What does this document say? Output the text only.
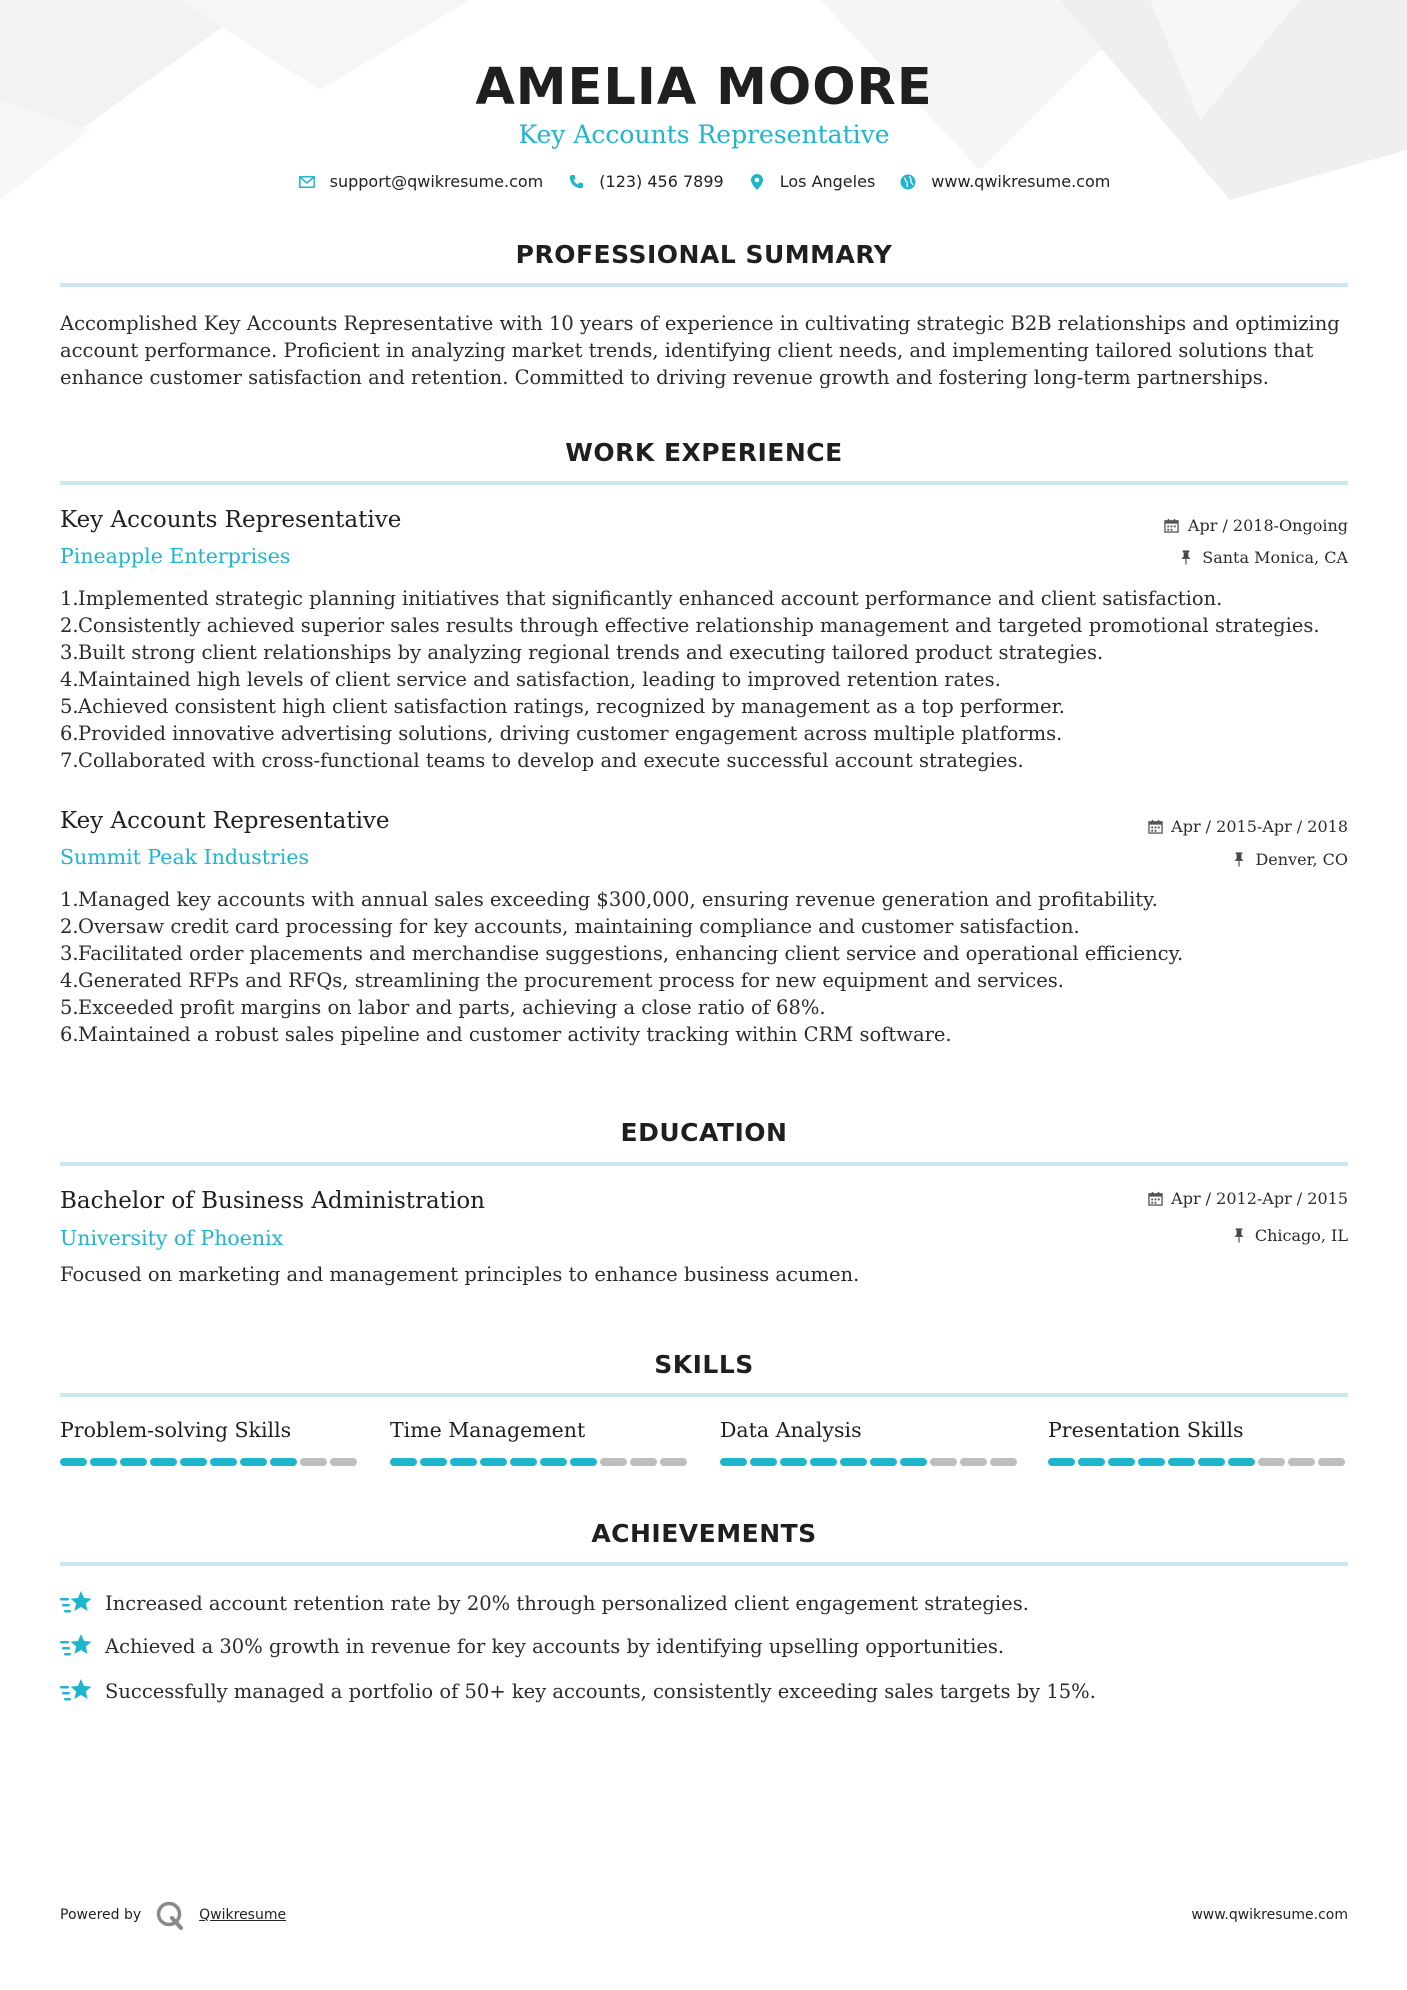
AMELIA MOORE
Key Accounts Representative
support@qwikresume.com	(123) 456 7899	Los Angeles	www.qwikresume.com
PROFESSIONAL SUMMARY
Accomplished Key Accounts Representative with 10 years of experience in cultivating strategic B2B relationships and optimizing
account performance. Proficient in analyzing market trends, identifying client needs, and implementing tailored solutions that
enhance customer satisfaction and retention. Committed to driving revenue growth and fostering long-term partnerships.
WORK EXPERIENCE
Key Accounts Representative
Pineapple Enterprises
Apr / 2018-Ongoing
Santa Monica, CA
1. Implemented strategic planning initiatives that significantly enhanced account performance and client satisfaction.
2. Consistently achieved superior sales results through effective relationship management and targeted promotional strategies.
3. Built strong client relationships by analyzing regional trends and executing tailored product strategies.
4. Maintained high levels of client service and satisfaction, leading to improved retention rates.
5. Achieved consistent high client satisfaction ratings, recognized by management as a top performer.
6. Provided innovative advertising solutions, driving customer engagement across multiple platforms.
7. Collaborated with cross-functional teams to develop and execute successful account strategies.
Key Account Representative
Summit Peak Industries
Apr / 2015-Apr / 2018
Denver, CO
1. Managed key accounts with annual sales exceeding $300,000, ensuring revenue generation and profitability.
2. Oversaw credit card processing for key accounts, maintaining compliance and customer satisfaction.
3. Facilitated order placements and merchandise suggestions, enhancing client service and operational efficiency.
4. Generated RFPs and RFQs, streamlining the procurement process for new equipment and services.
5. Exceeded profit margins on labor and parts, achieving a close ratio of 68%.
6. Maintained a robust sales pipeline and customer activity tracking within CRM software.
EDUCATION
Bachelor of Business Administration
University of Phoenix
Apr / 2012-Apr / 2015
Chicago, IL
Focused on marketing and management principles to enhance business acumen.
SKILLS
Problem-solving Skills	Time Management	Data Analysis	Presentation Skills
ACHIEVEMENTS
Increased account retention rate by 20% through personalized client engagement strategies.
Achieved a 30% growth in revenue for key accounts by identifying upselling opportunities.
Successfully managed a portfolio of 50+ key accounts, consistently exceeding sales targets by 15%.
Powered by	Qwikresume	www.qwikresume.com
